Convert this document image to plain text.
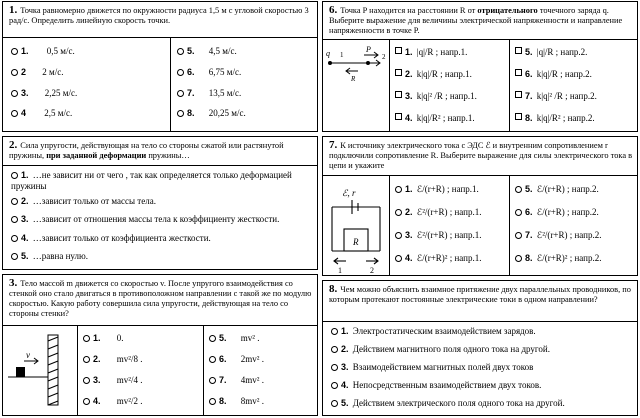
1. Точка равномерно движется по окружности радиуса 1,5 м с угловой скоростью 3 рад/с. Определить линейную скорость точки.
1. 0,5 м/с.
2 2 м/с.
3. 2,25 м/с.
4 2,5 м/с.
5. 4,5 м/с.
6. 6,75 м/с.
7. 13,5 м/с.
8. 20,25 м/с.
2. Сила упругости, действующая на тело со стороны сжатой или растянутой пружины, при заданной деформации пружины…
1. …не зависит ни от чего , так как определяется только деформацией пружины
2. …зависит только от массы тела.
3. …зависит от отношения массы тела к коэффициенту жесткости.
4. …зависит только от коэффициента жесткости.
5. …равна нулю.
3. Тело массой m движется со скоростью v. После упругого взаимодействия со стенкой оно стало двигаться в противоположном направлении с такой же по модулю скоростью. Какую работу совершила сила упругости, действующая на тело со стороны стенки?
v
1. 0.
2. mv²/8 .
3. mv²/4 .
4. mv²/2 .
5. mv² .
6. 2mv² .
7. 4mv² .
8. 8mv² .
6. Точка P находится на расстоянии R от отрицательного точечного заряда q. Выберите выражение для величины электрической напряженности и направление напряженности в точке P.
q	P
1
R
2	1. |q|/R ; напр.1.
2. k|q|/R ; напр.1.
3. k|q|² /R ; напр.1.
4. k|q|/R² ; напр.1.
5. |q|/R ; напр.2.
6. k|q|/R ; напр.2.
7. k|q|² /R ; напр.2.
8. k|q|/R² ; напр.2.
7. К источнику электрического тока с ЭДС ℰ и внутренним сопротивлением r подключили сопротивление R. Выберите выражение для силы электрического тока в цепи и укажите
ℰ, r
R
1	2
1. ℰ/(r+R) ; напр.1.
2. ℰ²/(r+R) ; напр.1.
3. ℰ²/(r+R) ; напр.1.
4. ℰ/(r+R)² ; напр.1.
5. ℰ/(r+R) ; напр.2.
6. ℰ/(r+R) ; напр.2.
7. ℰ²/(r+R) ; напр.2.
8. ℰ/(r+R)² ; напр.2.
8. Чем можно объяснить взаимное притяжение двух параллельных проводников, по которым протекают постоянные электрические токи в одном направлении?
1. Электростатическим взаимодействием зарядов.
2. Действием магнитного поля одного тока на другой.
3. Взаимодействием магнитных полей двух токов
4. Непосредственным взаимодействием двух токов.
5. Действием электрического поля одного тока на другой.
